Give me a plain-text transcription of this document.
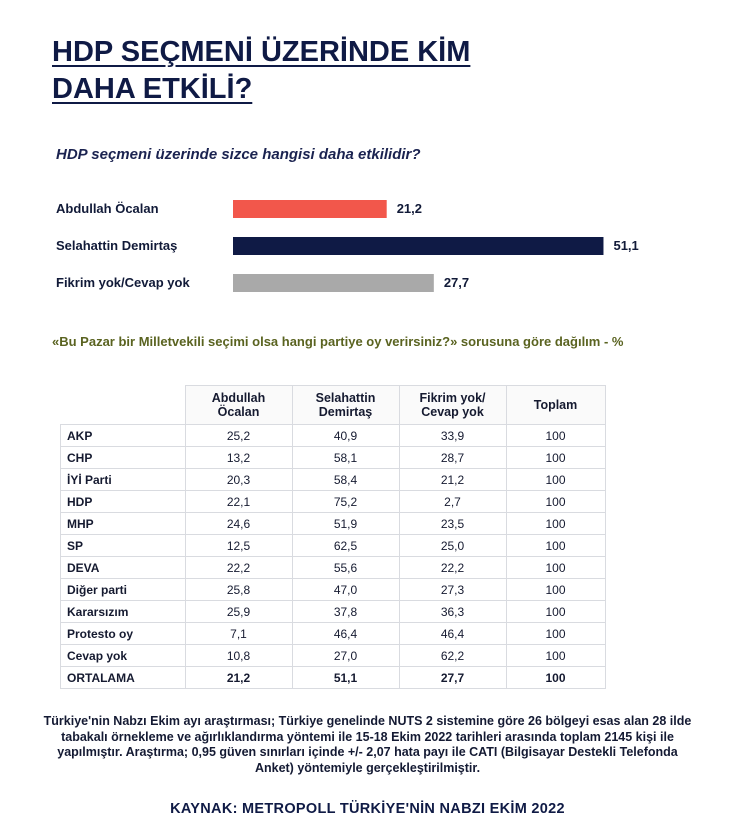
HDP SEÇMENİ ÜZERİNDE KİM
DAHA ETKİLİ?
HDP seçmeni üzerinde sizce hangisi daha etkilidir?
Abdullah Öcalan	21,2
Selahattin Demirtaş	51,1
Fikrim yok/Cevap yok	27,7
«Bu Pazar bir Milletvekili seçimi olsa hangi partiye oy verirsiniz?» sorusuna göre dağılım - %
	Abdullah Öcalan	Selahattin Demirtaş	Fikrim yok/ Cevap yok	Toplam
AKP	25,2	40,9	33,9	100
CHP	13,2	58,1	28,7	100
İYİ Parti	20,3	58,4	21,2	100
HDP	22,1	75,2	2,7	100
MHP	24,6	51,9	23,5	100
SP	12,5	62,5	25,0	100
DEVA	22,2	55,6	22,2	100
Diğer parti	25,8	47,0	27,3	100
Kararsızım	25,9	37,8	36,3	100
Protesto oy	7,1	46,4	46,4	100
Cevap yok	10,8	27,0	62,2	100
ORTALAMA	21,2	51,1	27,7	100
Türkiye'nin Nabzı Ekim ayı araştırması; Türkiye genelinde NUTS 2 sistemine göre 26 bölgeyi esas alan 28 ilde tabakalı örnekleme ve ağırlıklandırma yöntemi ile 15-18 Ekim 2022 tarihleri arasında toplam 2145 kişi ile yapılmıştır. Araştırma; 0,95 güven sınırları içinde +/- 2,07 hata payı ile CATI (Bilgisayar Destekli Telefonda Anket) yöntemiyle gerçekleştirilmiştir.
KAYNAK: METROPOLL TÜRKİYE'NİN NABZI EKİM 2022
